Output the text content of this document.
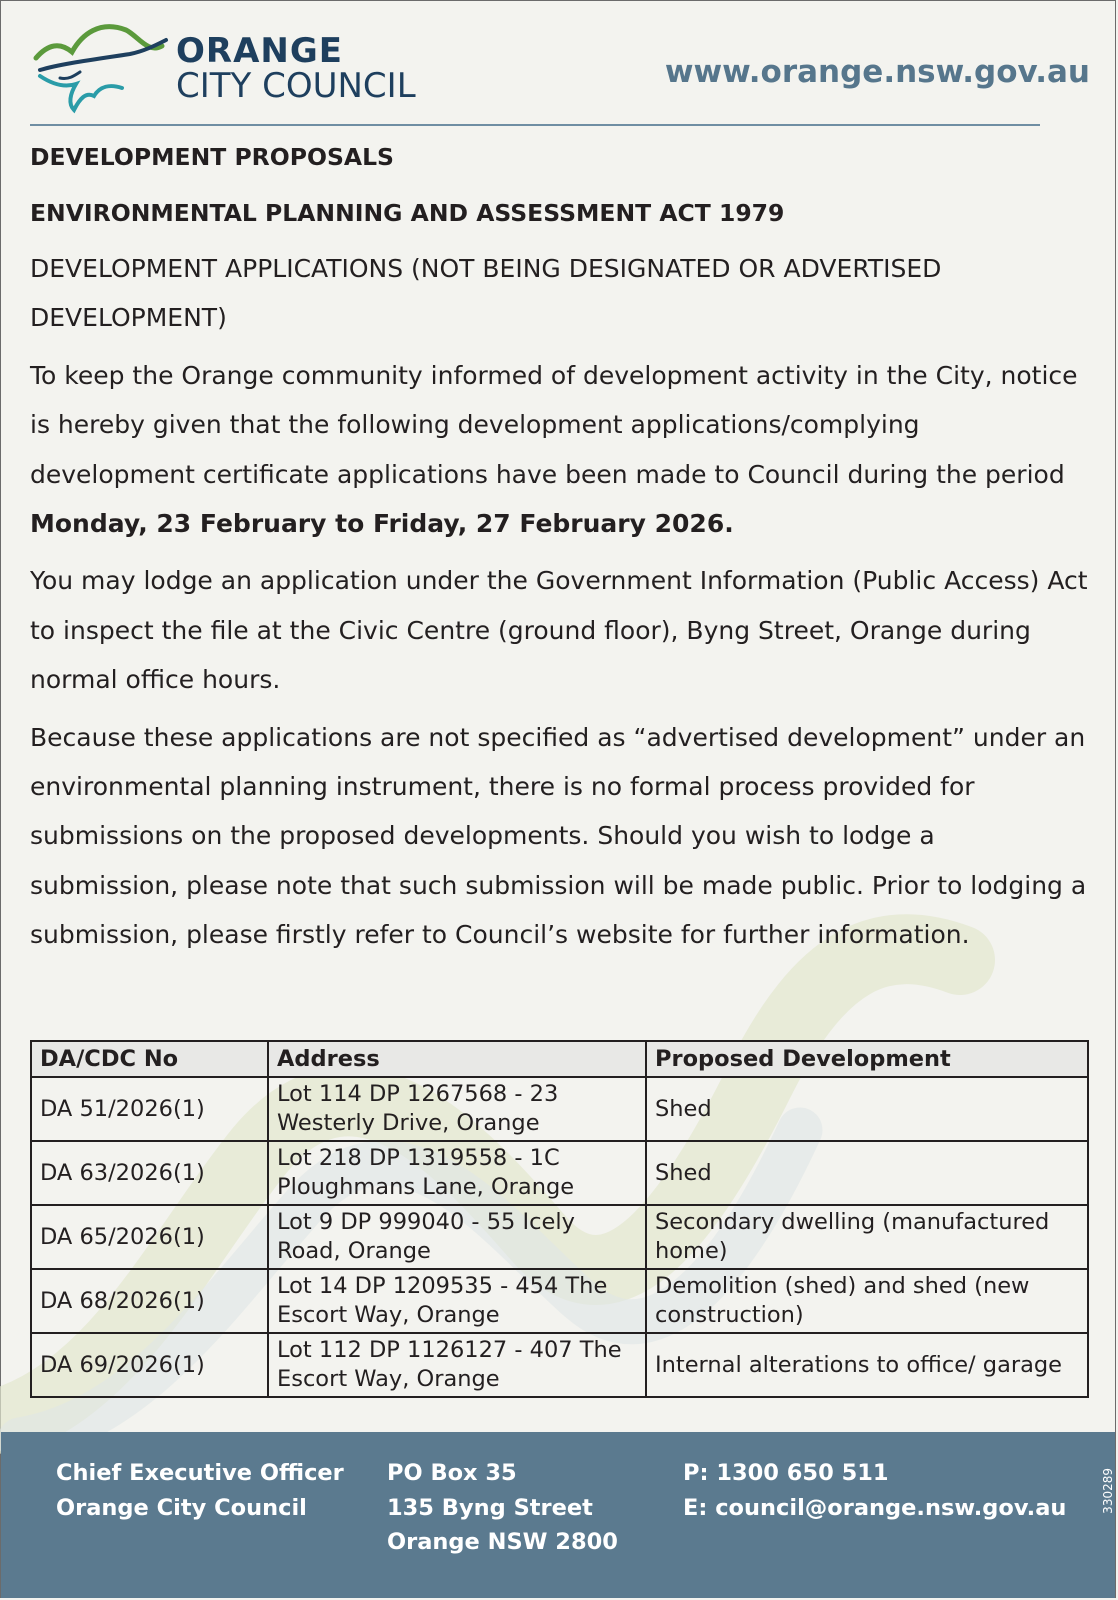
ORANGE
CITY COUNCIL	www.orange.nsw.gov.au

DEVELOPMENT PROPOSALS

ENVIRONMENTAL PLANNING AND ASSESSMENT ACT 1979

DEVELOPMENT APPLICATIONS (NOT BEING DESIGNATED OR ADVERTISED DEVELOPMENT)

To keep the Orange community informed of development activity in the City, notice is hereby given that the following development applications/complying development certificate applications have been made to Council during the period Monday, 23 February to Friday, 27 February 2026.

You may lodge an application under the Government Information (Public Access) Act to inspect the file at the Civic Centre (ground floor), Byng Street, Orange during normal office hours.

Because these applications are not specified as “advertised development” under an environmental planning instrument, there is no formal process provided for submissions on the proposed developments. Should you wish to lodge a submission, please note that such submission will be made public. Prior to lodging a submission, please firstly refer to Council’s website for further information.

DA/CDC No	Address	Proposed Development
DA 51/2026(1)	Lot 114 DP 1267568 - 23 Westerly Drive, Orange	Shed
DA 63/2026(1)	Lot 218 DP 1319558 - 1C Ploughmans Lane, Orange	Shed
DA 65/2026(1)	Lot 9 DP 999040 - 55 Icely Road, Orange	Secondary dwelling (manufactured home)
DA 68/2026(1)	Lot 14 DP 1209535 - 454 The Escort Way, Orange	Demolition (shed) and shed (new construction)
DA 69/2026(1)	Lot 112 DP 1126127 - 407 The Escort Way, Orange	Internal alterations to office/ garage
Chief Executive Officer
Orange City Council
PO Box 35
135 Byng Street
Orange NSW 2800
P: 1300 650 511
E: council@orange.nsw.gov.au	330289
